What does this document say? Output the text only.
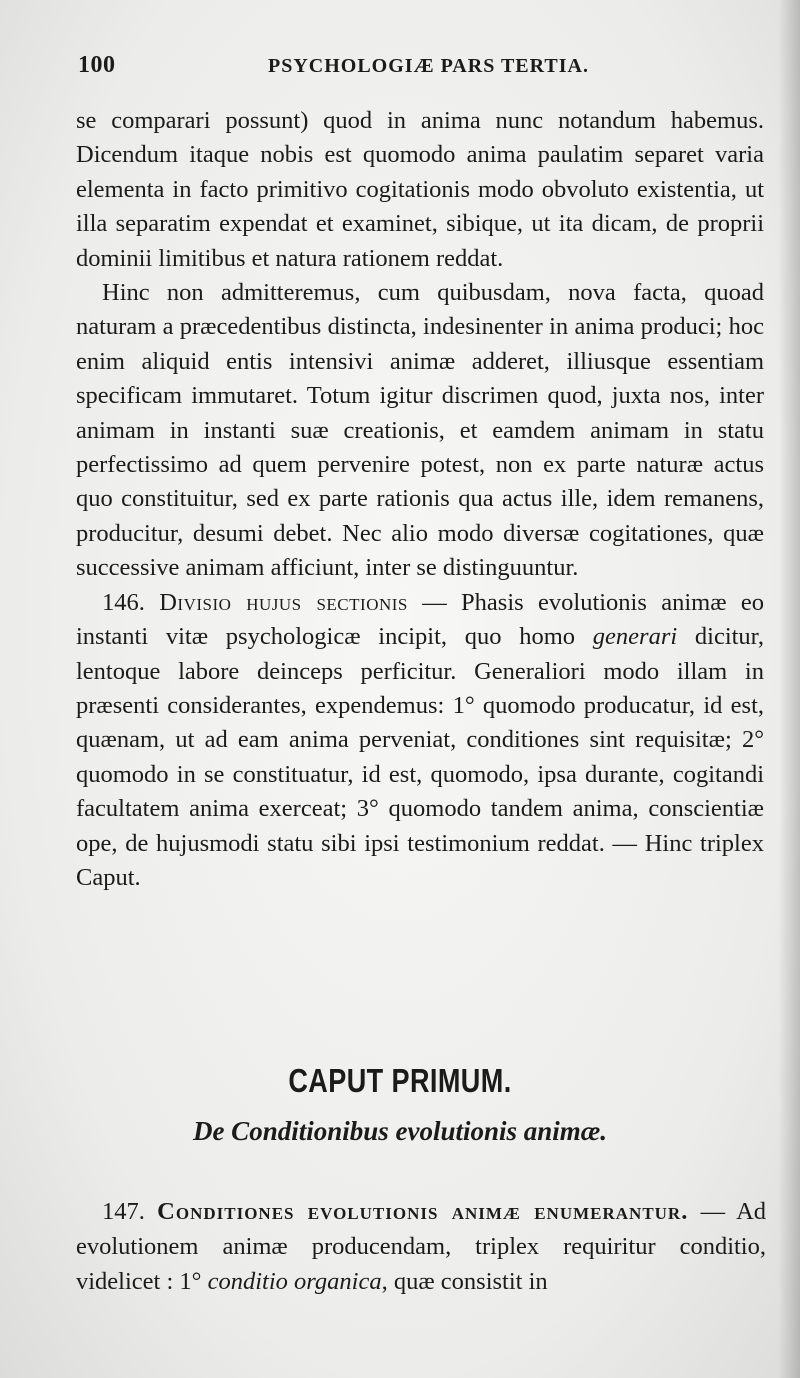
100	PSYCHOLOGIÆ PARS TERTIA.

se comparari possunt) quod in anima nunc notandum habemus. Dicendum itaque nobis est quomodo anima paulatim separet varia elementa in facto primitivo cogitationis modo obvoluto existentia, ut illa separatim expendat et examinet, sibique, ut ita dicam, de proprii dominii limitibus et natura rationem reddat.

Hinc non admitteremus, cum quibusdam, nova facta, quoad naturam a præcedentibus distincta, indesinenter in anima produci; hoc enim aliquid entis intensivi animæ adderet, illiusque essentiam specificam immutaret. Totum igitur discrimen quod, juxta nos, inter animam in instanti suæ creationis, et eamdem animam in statu perfectissimo ad quem pervenire potest, non ex parte naturæ actus quo constituitur, sed ex parte rationis qua actus ille, idem remanens, producitur, desumi debet. Nec alio modo diversæ cogitationes, quæ successive animam afficiunt, inter se distinguuntur.

146. Divisio hujus sectionis — Phasis evolutionis animæ eo instanti vitæ psychologicæ incipit, quo homo generari dicitur, lentoque labore deinceps perficitur. Generaliori modo illam in præsenti considerantes, expendemus: 1° quomodo producatur, id est, quænam, ut ad eam anima perveniat, conditiones sint requisitæ; 2° quomodo in se constituatur, id est, quomodo, ipsa durante, cogitandi facultatem anima exerceat; 3° quomodo tandem anima, conscientiæ ope, de hujusmodi statu sibi ipsi testimonium reddat. — Hinc triplex Caput.

CAPUT PRIMUM.
De Conditionibus evolutionis animæ.

147. Conditiones evolutionis animæ enumerantur. — Ad evolutionem animæ producendam, triplex requiritur conditio, videlicet : 1° conditio organica, quæ consistit in
